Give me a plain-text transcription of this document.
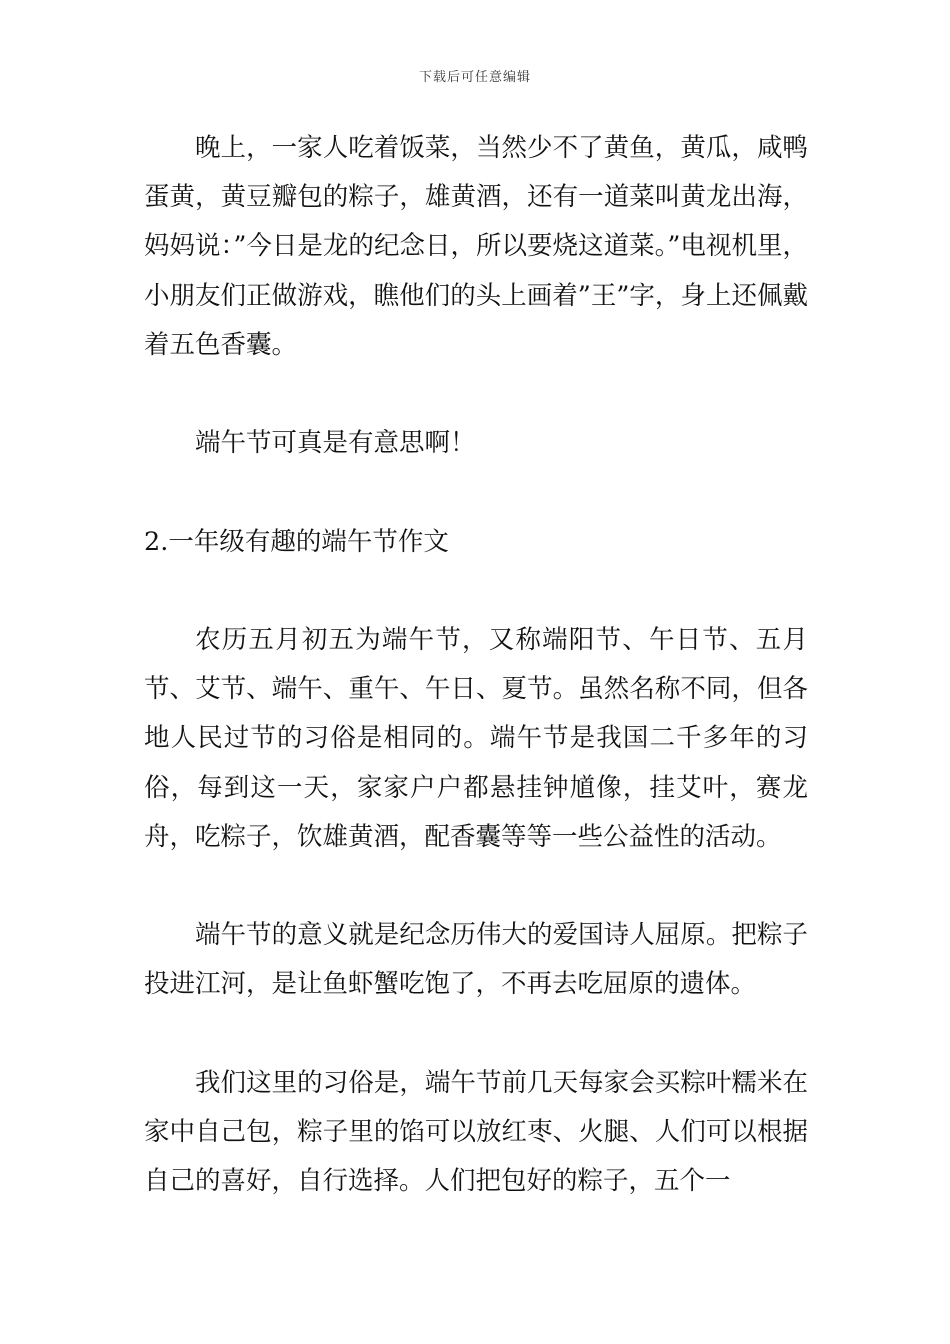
下载后可任意编辑

晚上，一家人吃着饭菜，当然少不了黄鱼，黄瓜，咸鸭蛋黄，黄豆瓣包的粽子，雄黄酒，还有一道菜叫黄龙出海，妈妈说：”今日是龙的纪念日，所以要烧这道菜。”电视机里，小朋友们正做游戏，瞧他们的头上画着”王”字，身上还佩戴着五色香囊。

端午节可真是有意思啊！

2.一年级有趣的端午节作文

农历五月初五为端午节，又称端阳节、午日节、五月节、艾节、端午、重午、午日、夏节。虽然名称不同，但各地人民过节的习俗是相同的。端午节是我国二千多年的习俗，每到这一天，家家户户都悬挂钟馗像，挂艾叶，赛龙舟，吃粽子，饮雄黄酒，配香囊等等一些公益性的活动。

端午节的意义就是纪念历伟大的爱国诗人屈原。把粽子投进江河，是让鱼虾蟹吃饱了，不再去吃屈原的遗体。

我们这里的习俗是，端午节前几天每家会买粽叶糯米在家中自己包，粽子里的馅可以放红枣、火腿、人们可以根据自己的喜好，自行选择。人们把包好的粽子，五个一
